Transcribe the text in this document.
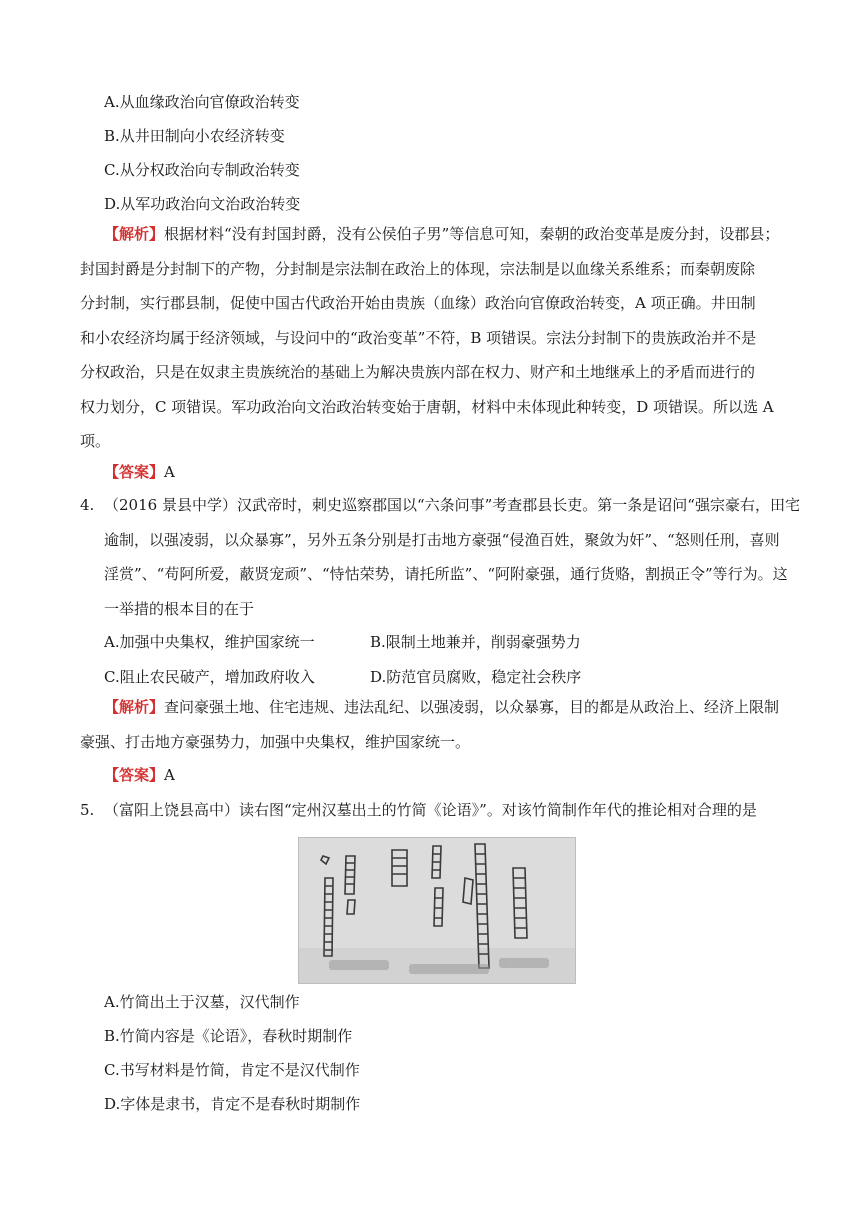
A.从血缘政治向官僚政治转变
B.从井田制向小农经济转变
C.从分权政治向专制政治转变
D.从军功政治向文治政治转变
【解析】根据材料“没有封国封爵，没有公侯伯子男”等信息可知，秦朝的政治变革是废分封，设郡县；
封国封爵是分封制下的产物，分封制是宗法制在政治上的体现，宗法制是以血缘关系维系；而秦朝废除
分封制，实行郡县制，促使中国古代政治开始由贵族（血缘）政治向官僚政治转变，A 项正确。井田制
和小农经济均属于经济领域，与设问中的“政治变革”不符，B 项错误。宗法分封制下的贵族政治并不是
分权政治，只是在奴隶主贵族统治的基础上为解决贵族内部在权力、财产和土地继承上的矛盾而进行的
权力划分，C 项错误。军功政治向文治政治转变始于唐朝，材料中未体现此种转变，D 项错误。所以选 A
项。
【答案】A
4. （2016 景县中学）汉武帝时，刺史巡察郡国以“六条问事”考查郡县长吏。第一条是诏问“强宗豪右，田宅
逾制，以强凌弱，以众暴寡”，另外五条分别是打击地方豪强“侵渔百姓，聚敛为奸”、“怒则任刑，喜则
淫赏”、“苟阿所爱，蔽贤宠顽”、“恃怙荣势，请托所监”、“阿附豪强，通行货赂，割损正令”等行为。这
一举措的根本目的在于
A.加强中央集权，维护国家统一	B.限制土地兼并，削弱豪强势力
C.阻止农民破产，增加政府收入	D.防范官员腐败，稳定社会秩序
【解析】查问豪强土地、住宅违规、违法乱纪、以强凌弱，以众暴寡，目的都是从政治上、经济上限制
豪强、打击地方豪强势力，加强中央集权，维护国家统一。
【答案】A
5. （富阳上饶县高中）读右图“定州汉墓出土的竹简《论语》”。对该竹简制作年代的推论相对合理的是
A.竹简出土于汉墓，汉代制作
B.竹简内容是《论语》，春秋时期制作
C.书写材料是竹简，肯定不是汉代制作
D.字体是隶书，肯定不是春秋时期制作
